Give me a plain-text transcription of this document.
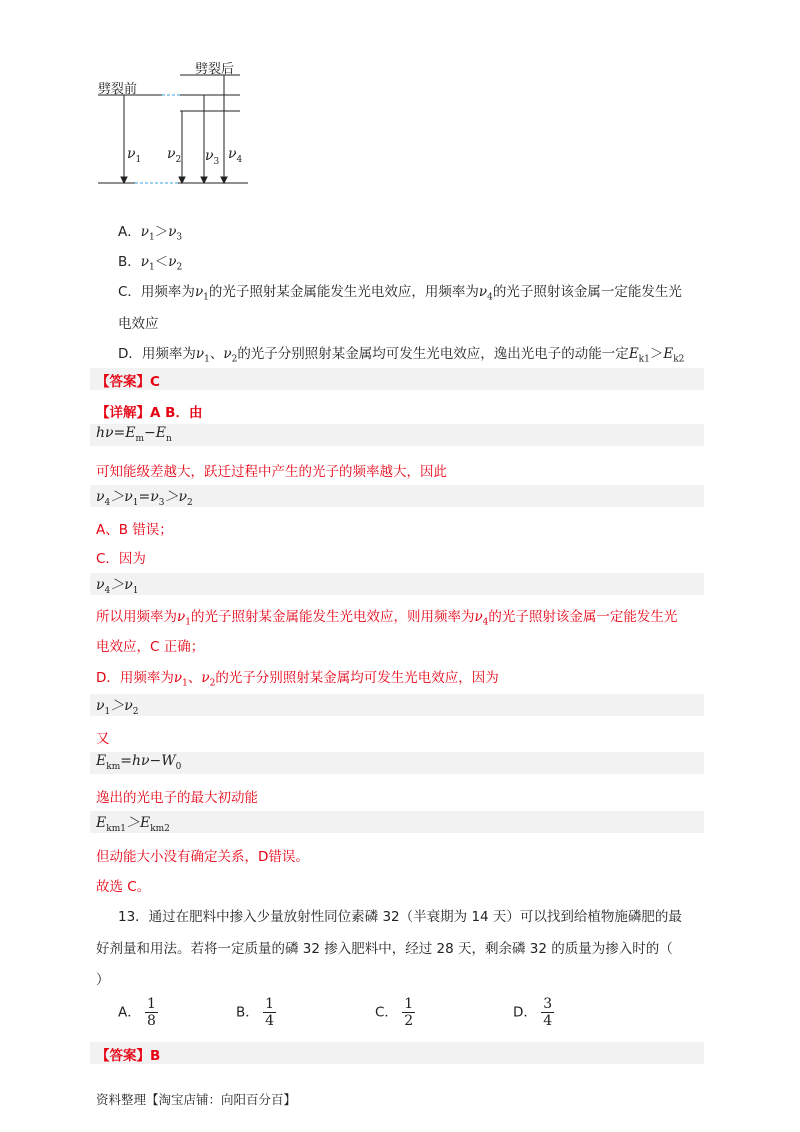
劈裂前
劈裂后
$\nu_1$ $\nu_2$ $\nu_3$ $\nu_4$
A．$\nu_1>\nu_3$
B．$\nu_1<\nu_2$
C．用频率为$\nu_1$的光子照射某金属能发生光电效应，用频率为$\nu_4$的光子照射该金属一定能发生光
电效应
D．用频率为$\nu_1$、$\nu_2$的光子分别照射某金属均可发生光电效应，逸出光电子的动能一定$E_{k1}>E_{k2}$
【答案】C
【详解】A B．由
$h\nu=E_m-E_n$
可知能级差越大，跃迁过程中产生的光子的频率越大，因此
$\nu_4>\nu_1=\nu_3>\nu_2$
A、B 错误；
C．因为
$\nu_4>\nu_1$
所以用频率为$\nu_1$的光子照射某金属能发生光电效应，则用频率为$\nu_4$的光子照射该金属一定能发生光
电效应，C 正确；
D．用频率为$\nu_1$、$\nu_2$的光子分别照射某金属均可发生光电效应，因为
$\nu_1>\nu_2$
又
$E_{km}=h\nu-W_0$
逸出的光电子的最大初动能
$E_{km1}>E_{km2}$
但动能大小没有确定关系，D错误。
故选 C。
13．通过在肥料中掺入少量放射性同位素磷 32（半衰期为 14 天）可以找到给植物施磷肥的最
好剂量和用法。若将一定质量的磷 32 掺入肥料中，经过 28 天，剩余磷 32 的质量为掺入时的（
）
A． $\frac{1}{8}$	B． $\frac{1}{4}$	C． $\frac{1}{2}$	D． $\frac{3}{4}$
【答案】B
资料整理【淘宝店铺：向阳百分百】
